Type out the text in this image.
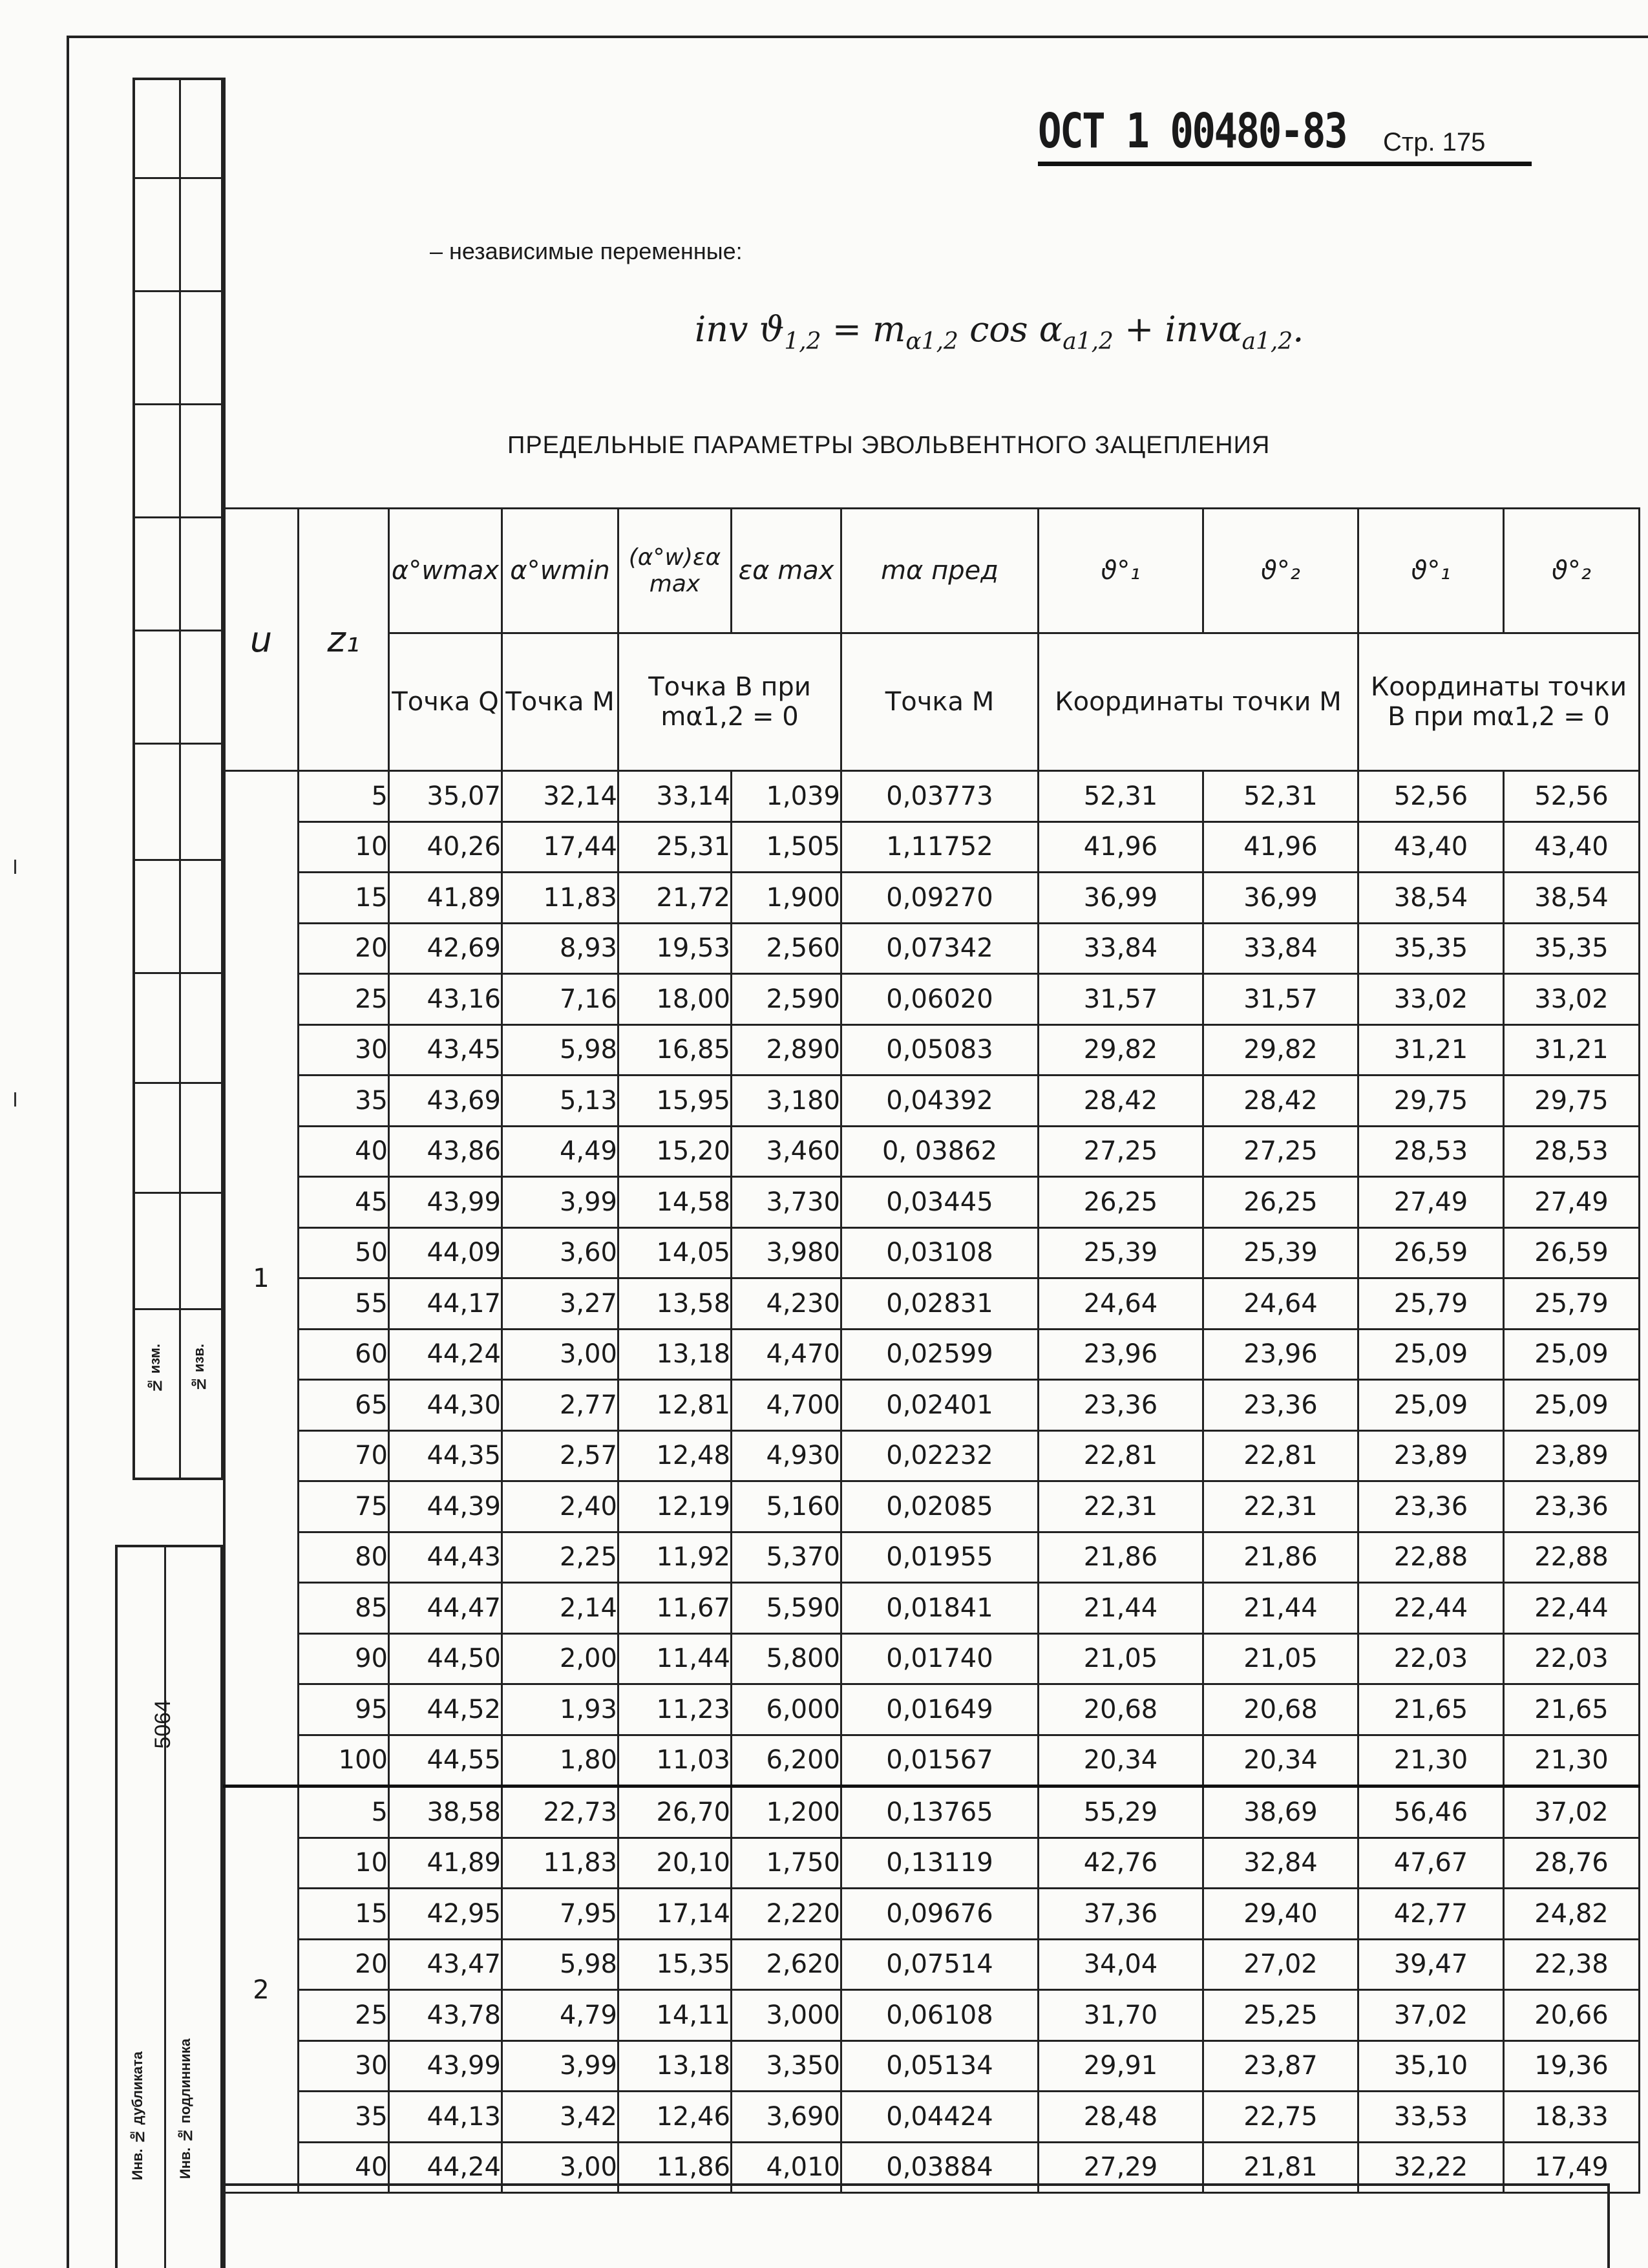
№ изм. № изв.
Инв. № дубликата Инв. № подлинника
5064
ОСТ 1 00480-83 Стр. 175
– независимые переменные:
inv $ϑ_{1,2} = m_{\alpha 1,2}$ $\cos \alpha_{a1,2} + inv\alpha_{a1,2}$.
ПРЕДЕЛЬНЫЕ ПАРАМЕТРЫ ЭВОЛЬВЕНТНОГО ЗАЦЕПЛЕНИЯ
u	z₁	α°wmax	α°wmin	(α°w)εα max	εα max	mα пред	ϑ°₁	ϑ°₂	ϑ°₁	ϑ°₂
		Точка Q	Точка M	Точка B при mα1,2 = 0		Точка M	Координаты точки M		Координаты точки B при mα1,2 = 0	
1	5	35,07	32,14	33,14	1,039	0,03773	52,31	52,31	52,56	52,56
	10	40,26	17,44	25,31	1,505	1,11752	41,96	41,96	43,40	43,40
	15	41,89	11,83	21,72	1,900	0,09270	36,99	36,99	38,54	38,54
	20	42,69	8,93	19,53	2,560	0,07342	33,84	33,84	35,35	35,35
	25	43,16	7,16	18,00	2,590	0,06020	31,57	31,57	33,02	33,02
	30	43,45	5,98	16,85	2,890	0,05083	29,82	29,82	31,21	31,21
	35	43,69	5,13	15,95	3,180	0,04392	28,42	28,42	29,75	29,75
	40	43,86	4,49	15,20	3,460	0, 03862	27,25	27,25	28,53	28,53
	45	43,99	3,99	14,58	3,730	0,03445	26,25	26,25	27,49	27,49
	50	44,09	3,60	14,05	3,980	0,03108	25,39	25,39	26,59	26,59
	55	44,17	3,27	13,58	4,230	0,02831	24,64	24,64	25,79	25,79
	60	44,24	3,00	13,18	4,470	0,02599	23,96	23,96	25,09	25,09
	65	44,30	2,77	12,81	4,700	0,02401	23,36	23,36	25,09	25,09
	70	44,35	2,57	12,48	4,930	0,02232	22,81	22,81	23,89	23,89
	75	44,39	2,40	12,19	5,160	0,02085	22,31	22,31	23,36	23,36
	80	44,43	2,25	11,92	5,370	0,01955	21,86	21,86	22,88	22,88
	85	44,47	2,14	11,67	5,590	0,01841	21,44	21,44	22,44	22,44
	90	44,50	2,00	11,44	5,800	0,01740	21,05	21,05	22,03	22,03
	95	44,52	1,93	11,23	6,000	0,01649	20,68	20,68	21,65	21,65
	100	44,55	1,80	11,03	6,200	0,01567	20,34	20,34	21,30	21,30
2	5	38,58	22,73	26,70	1,200	0,13765	55,29	38,69	56,46	37,02
	10	41,89	11,83	20,10	1,750	0,13119	42,76	32,84	47,67	28,76
	15	42,95	7,95	17,14	2,220	0,09676	37,36	29,40	42,77	24,82
	20	43,47	5,98	15,35	2,620	0,07514	34,04	27,02	39,47	22,38
	25	43,78	4,79	14,11	3,000	0,06108	31,70	25,25	37,02	20,66
	30	43,99	3,99	13,18	3,350	0,05134	29,91	23,87	35,10	19,36
	35	44,13	3,42	12,46	3,690	0,04424	28,48	22,75	33,53	18,33
	40	44,24	3,00	11,86	4,010	0,03884	27,29	21,81	32,22	17,49
